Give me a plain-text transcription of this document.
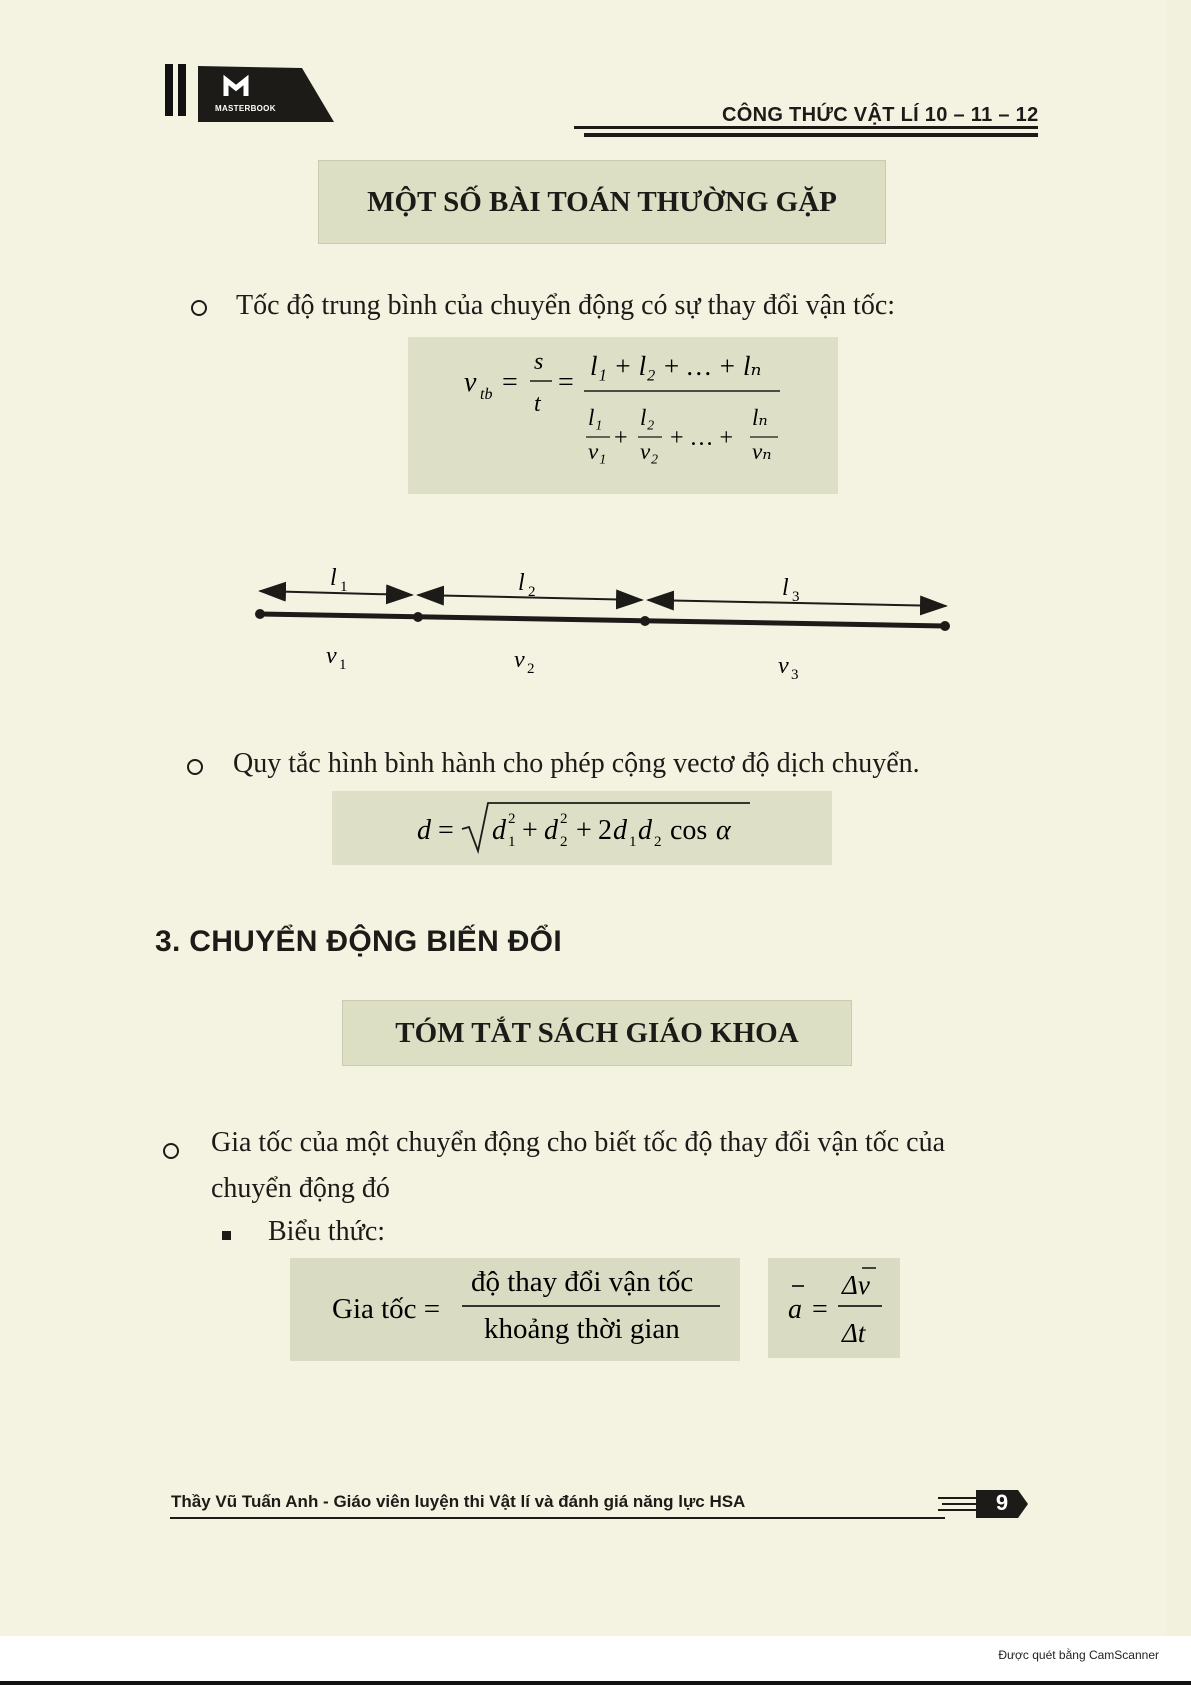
MASTERBOOK	CÔNG THỨC VẬT LÍ 10 – 11 – 12
MỘT SỐ BÀI TOÁN THƯỜNG GẶP
Tốc độ trung bình của chuyển động có sự thay đổi vận tốc:
v tb =
s
t
=
l₁ + l₂ + … + lₙ
l₁
v₁
+
l₂
v₂
+ … +
lₙ
vₙ
l 1	l 2	l 3
v 1	v 2	v 3
Quy tắc hình bình hành cho phép cộng vectơ độ dịch chuyển.
d = d 1
2 + d 2
2 + 2 d 1 d 2 cos α
d = √(d₁² + d₂² + 2d₁d₂ cos α)
3. CHUYỂN ĐỘNG BIẾN ĐỔI
TÓM TẮT SÁCH GIÁO KHOA
Gia tốc của một chuyển động cho biết tốc độ thay đổi vận tốc của
chuyển động đó
Biểu thức:
Gia tốc =
độ thay đổi vận tốc
khoảng thời gian
a =
Δv
Δt
Thầy Vũ Tuấn Anh - Giáo viên luyện thi Vật lí và đánh giá năng lực HSA	9
Được quét bằng CamScanner
